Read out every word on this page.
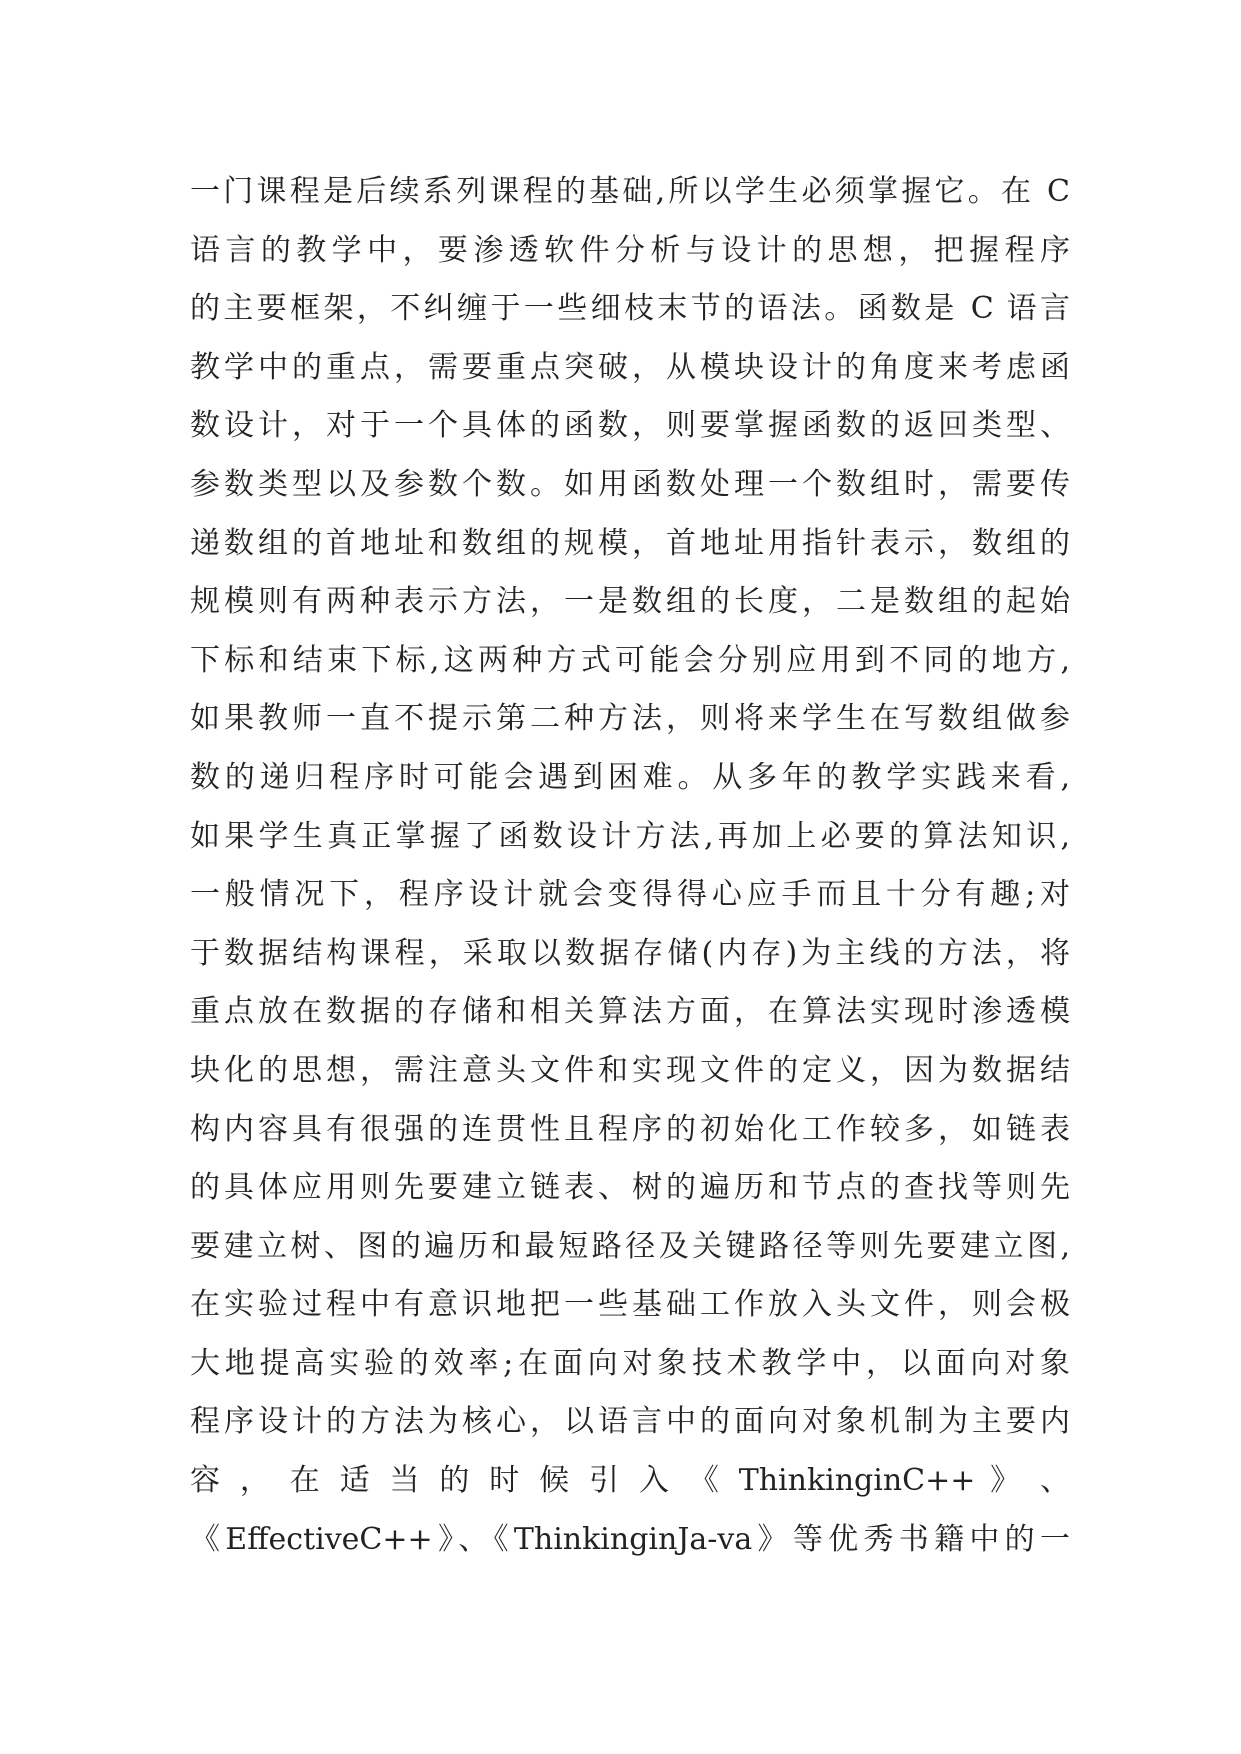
一门课程是后续系列课程的基础,所以学生必须掌握它。在 C
语言的教学中，要渗透软件分析与设计的思想，把握程序
的主要框架，不纠缠于一些细枝末节的语法。函数是 C 语言
教学中的重点，需要重点突破，从模块设计的角度来考虑函
数设计，对于一个具体的函数，则要掌握函数的返回类型、
参数类型以及参数个数。如用函数处理一个数组时，需要传
递数组的首地址和数组的规模，首地址用指针表示，数组的
规模则有两种表示方法，一是数组的长度，二是数组的起始
下标和结束下标,这两种方式可能会分别应用到不同的地方,
如果教师一直不提示第二种方法，则将来学生在写数组做参
数的递归程序时可能会遇到困难。从多年的教学实践来看,
如果学生真正掌握了函数设计方法,再加上必要的算法知识,
一般情况下，程序设计就会变得得心应手而且十分有趣;对
于数据结构课程，采取以数据存储(内存)为主线的方法，将
重点放在数据的存储和相关算法方面，在算法实现时渗透模
块化的思想，需注意头文件和实现文件的定义，因为数据结
构内容具有很强的连贯性且程序的初始化工作较多，如链表
的具体应用则先要建立链表、树的遍历和节点的查找等则先
要建立树、图的遍历和最短路径及关键路径等则先要建立图,
在实验过程中有意识地把一些基础工作放入头文件，则会极
大地提高实验的效率;在面向对象技术教学中，以面向对象
程序设计的方法为核心，以语言中的面向对象机制为主要内
容 ， 在 适 当 的 时 候 引 入 《 ThinkinginC++ 》 、
《EffectiveC++》、《ThinkinginJa-va》等优秀书籍中的一
